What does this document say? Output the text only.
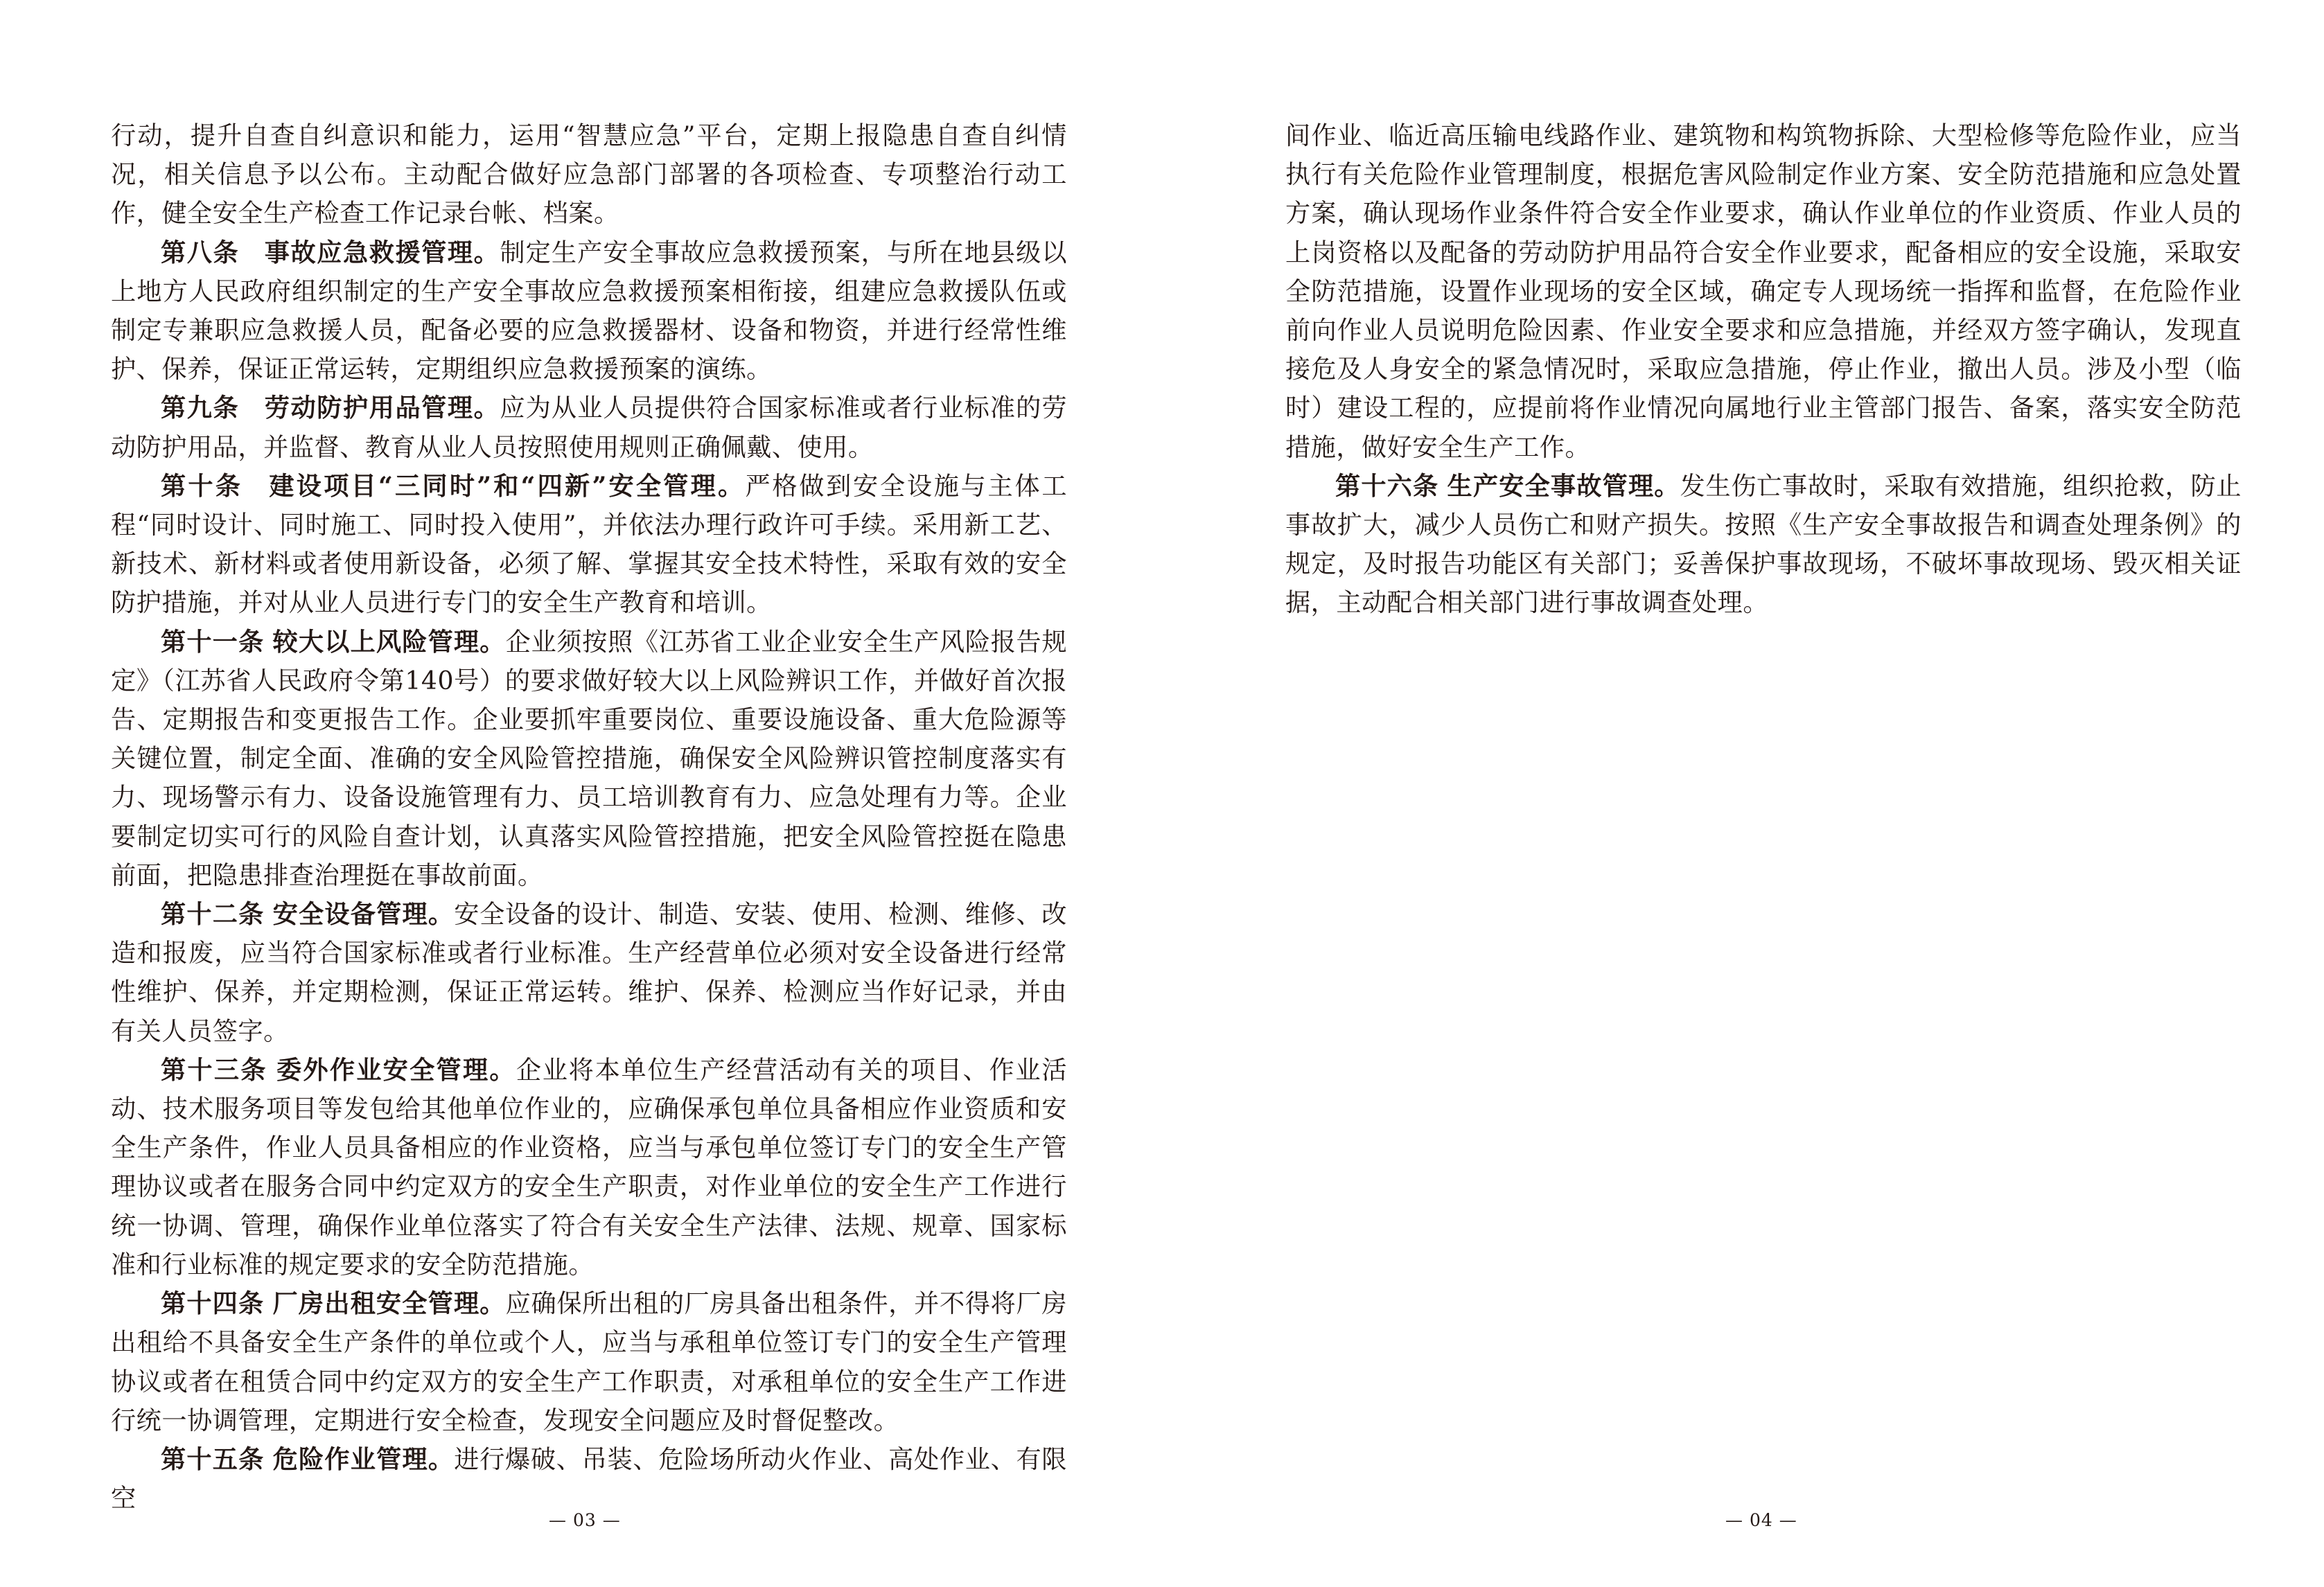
行动，提升自查自纠意识和能力，运用“智慧应急”平台，定期上报隐患自查自纠情况，相关信息予以公布。主动配合做好应急部门部署的各项检查、专项整治行动工作，健全安全生产检查工作记录台帐、档案。

第八条 事故应急救援管理。制定生产安全事故应急救援预案，与所在地县级以上地方人民政府组织制定的生产安全事故应急救援预案相衔接，组建应急救援队伍或制定专兼职应急救援人员，配备必要的应急救援器材、设备和物资，并进行经常性维护、保养，保证正常运转，定期组织应急救援预案的演练。

第九条 劳动防护用品管理。应为从业人员提供符合国家标准或者行业标准的劳动防护用品，并监督、教育从业人员按照使用规则正确佩戴、使用。

第十条 建设项目“三同时”和“四新”安全管理。严格做到安全设施与主体工程“同时设计、同时施工、同时投入使用”，并依法办理行政许可手续。采用新工艺、新技术、新材料或者使用新设备，必须了解、掌握其安全技术特性，采取有效的安全防护措施，并对从业人员进行专门的安全生产教育和培训。

第十一条 较大以上风险管理。企业须按照《江苏省工业企业安全生产风险报告规定》（江苏省人民政府令第140号）的要求做好较大以上风险辨识工作，并做好首次报告、定期报告和变更报告工作。企业要抓牢重要岗位、重要设施设备、重大危险源等关键位置，制定全面、准确的安全风险管控措施，确保安全风险辨识管控制度落实有力、现场警示有力、设备设施管理有力、员工培训教育有力、应急处理有力等。企业要制定切实可行的风险自查计划，认真落实风险管控措施，把安全风险管控挺在隐患前面，把隐患排查治理挺在事故前面。

第十二条 安全设备管理。安全设备的设计、制造、安装、使用、检测、维修、改造和报废，应当符合国家标准或者行业标准。生产经营单位必须对安全设备进行经常性维护、保养，并定期检测，保证正常运转。维护、保养、检测应当作好记录，并由有关人员签字。

第十三条 委外作业安全管理。企业将本单位生产经营活动有关的项目、作业活动、技术服务项目等发包给其他单位作业的，应确保承包单位具备相应作业资质和安全生产条件，作业人员具备相应的作业资格，应当与承包单位签订专门的安全生产管理协议或者在服务合同中约定双方的安全生产职责，对作业单位的安全生产工作进行统一协调、管理，确保作业单位落实了符合有关安全生产法律、法规、规章、国家标准和行业标准的规定要求的安全防范措施。

第十四条 厂房出租安全管理。应确保所出租的厂房具备出租条件，并不得将厂房出租给不具备安全生产条件的单位或个人，应当与承租单位签订专门的安全生产管理协议或者在租赁合同中约定双方的安全生产工作职责，对承租单位的安全生产工作进行统一协调管理，定期进行安全检查，发现安全问题应及时督促整改。

第十五条 危险作业管理。进行爆破、吊装、危险场所动火作业、高处作业、有限空

— 03 —

间作业、临近高压输电线路作业、建筑物和构筑物拆除、大型检修等危险作业，应当执行有关危险作业管理制度，根据危害风险制定作业方案、安全防范措施和应急处置方案，确认现场作业条件符合安全作业要求，确认作业单位的作业资质、作业人员的上岗资格以及配备的劳动防护用品符合安全作业要求，配备相应的安全设施，采取安全防范措施，设置作业现场的安全区域，确定专人现场统一指挥和监督，在危险作业前向作业人员说明危险因素、作业安全要求和应急措施，并经双方签字确认，发现直接危及人身安全的紧急情况时，采取应急措施，停止作业，撤出人员。涉及小型（临时）建设工程的，应提前将作业情况向属地行业主管部门报告、备案，落实安全防范措施，做好安全生产工作。

第十六条 生产安全事故管理。发生伤亡事故时，采取有效措施，组织抢救，防止事故扩大，减少人员伤亡和财产损失。按照《生产安全事故报告和调查处理条例》的规定，及时报告功能区有关部门；妥善保护事故现场，不破坏事故现场、毁灭相关证据，主动配合相关部门进行事故调查处理。

— 04 —
